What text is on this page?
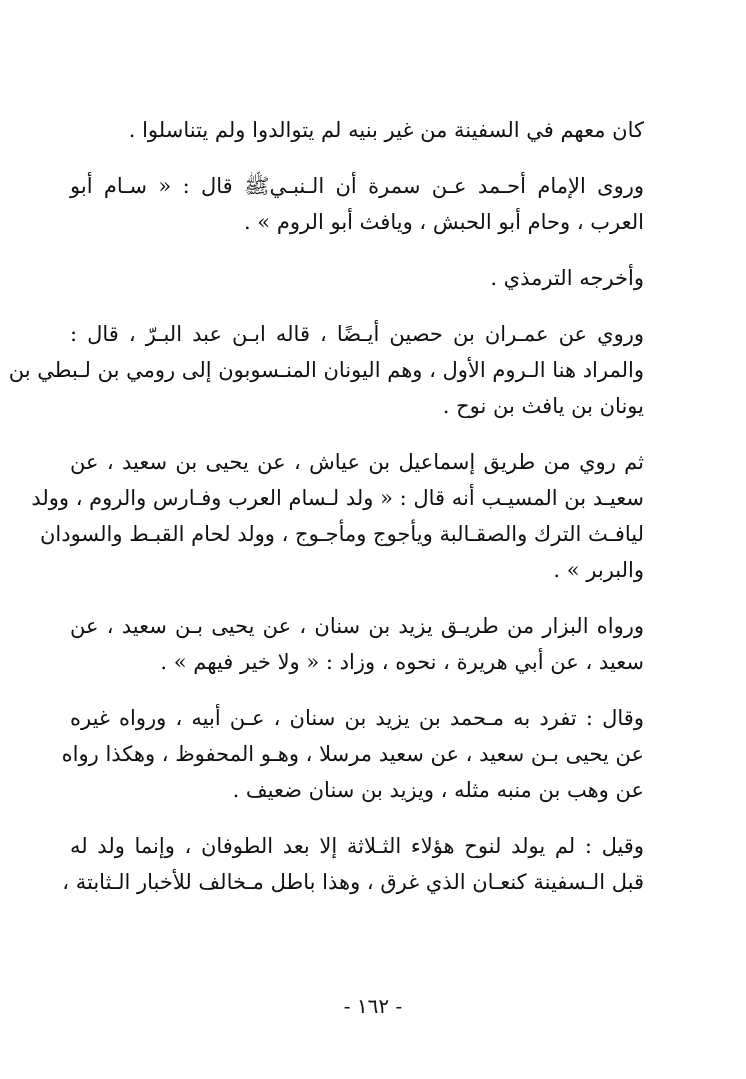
كان معهم في السفينة من غير بنيه لم يتوالدوا ولم يتناسلوا .
وروى الإمام أحـمد عـن سمرة أن الـنبـيﷺ قال : « سـام أبو
العرب ، وحام أبو الحبش ، ويافث أبو الروم » .
وأخرجه الترمذي .
وروي عن عمـران بن حصين أيـضًا ، قاله ابـن عبد البـرّ ، قال :
والمراد هنا الـروم الأول ، وهم اليونان المنـسوبون إلى رومي بن لـبطي بن
يونان بن يافث بن نوح .
ثم روي من طريق إسماعيل بن عياش ، عن يحيى بن سعيد ، عن
سعيـد بن المسيـب أنه قال : « ولد لـسام العرب وفـارس والروم ، وولد
ليافـث الترك والصقـالبة ويأجوج ومأجـوج ، وولد لحام القبـط والسودان
والبربر » .
ورواه البزار من طريـق يزيد بن سنان ، عن يحيى بـن سعيد ، عن
سعيد ، عن أبي هريرة ، نحوه ، وزاد : « ولا خير فيهم » .
وقال : تفرد به مـحمد بن يزيد بن سنان ، عـن أبيه ، ورواه غيره
عن يحيى بـن سعيد ، عن سعيد مرسلا ، وهـو المحفوظ ، وهكذا رواه
عن وهب بن منبه مثله ، ويزيد بن سنان ضعيف .
وقيل : لم يولد لنوح هؤلاء الثـلاثة إلا بعد الطوفان ، وإنما ولد له
قبل الـسفينة كنعـان الذي غرق ، وهذا باطل مـخالف للأخبار الـثابتة ،
- ١٦٢ -
